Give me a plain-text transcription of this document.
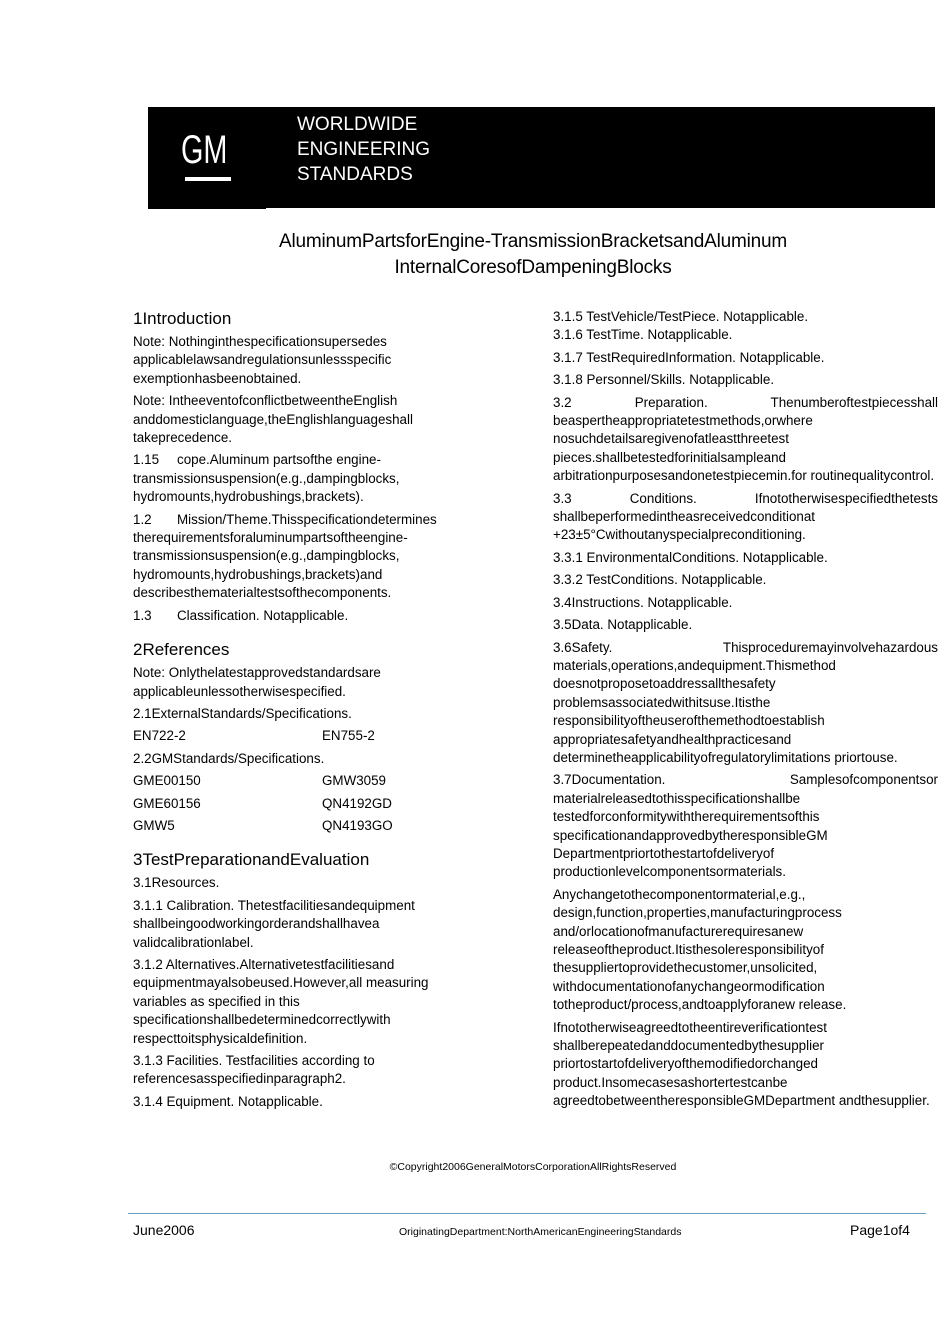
GM
WORLDWIDE
ENGINEERING
STANDARDS
AluminumPartsforEngine-TransmissionBracketsandAluminum
InternalCoresofDampeningBlocks
1Introduction
Note: Nothinginthespecificationsupersedes applicablelawsandregulationsunlessspecific exemptionhasbeenobtained.
Note: IntheeventofconflictbetweentheEnglish anddomesticlanguage,theEnglishlanguageshall takeprecedence.
1.15 cope.Aluminum partsofthe engine-transmissionsuspension(e.g.,dampingblocks, hydromounts,hydrobushings,brackets).
1.2 Mission/Theme.Thisspecificationdetermines therequirementsforaluminumpartsoftheengine-transmissionsuspension(e.g.,dampingblocks, hydromounts,hydrobushings,brackets)and describesthematerialtestsofthecomponents.
1.3 Classification. Notapplicable.
2References
Note: Onlythelatestapprovedstandardsare applicableunlessotherwisespecified.
2.1ExternalStandards/Specifications.
EN722-2	EN755-2
2.2GMStandards/Specifications.
GME00150	GMW3059
GME60156	QN4192GD
GMW5	QN4193GO
3TestPreparationandEvaluation
3.1Resources.
3.1.1 Calibration. Thetestfacilitiesandequipment shallbeingoodworkingorderandshallhavea validcalibrationlabel.
3.1.2 Alternatives.Alternativetestfacilitiesand equipmentmayalsobeused.However,all measuring variables as specified in this specificationshallbedeterminedcorrectlywith respecttoitsphysicaldefinition.
3.1.3 Facilities. Testfacilities according to referencesasspecifiedinparagraph2.
3.1.4 Equipment. Notapplicable.
3.1.5 TestVehicle/TestPiece. Notapplicable.
3.1.6 TestTime. Notapplicable.
3.1.7 TestRequiredInformation. Notapplicable.
3.1.8 Personnel/Skills. Notapplicable.
3.2 Preparation. Thenumberoftestpiecesshall
beaspertheappropriatetestmethods,orwhere nosuchdetailsaregivenofatleastthreetest pieces.shallbetestedforinitialsampleand arbitrationpurposesandonetestpiecemin.for routinequalitycontrol.
3.3 Conditions. Ifnototherwisespecifiedthetests
shallbeperformedintheasreceivedconditionat +23±5°Cwithoutanyspecialpreconditioning.
3.3.1 EnvironmentalConditions. Notapplicable.
3.3.2 TestConditions. Notapplicable.
3.4Instructions. Notapplicable.
3.5Data. Notapplicable.
3.6Safety. Thisproceduremayinvolvehazardous
materials,operations,andequipment.Thismethod doesnotproposetoaddressallthesafety problemsassociatedwithitsuse.Itisthe responsibilityoftheuserofthemethodtoestablish appropriatesafetyandhealthpracticesand determinetheapplicabilityofregulatorylimitations priortouse.
3.7Documentation. Samplesofcomponentsor
materialreleasedtothisspecificationshallbe testedforconformitywiththerequirementsofthis specificationandapprovedbytheresponsibleGM Departmentpriortothestartofdeliveryof productionlevelcomponentsormaterials.
Anychangetothecomponentormaterial,e.g., design,function,properties,manufacturingprocess and/orlocationofmanufacturerequiresanew releaseoftheproduct.Itisthesoleresponsibilityof thesuppliertoprovidethecustomer,unsolicited, withdocumentationofanychangeormodification totheproduct/process,andtoapplyforanew release.
Ifnototherwiseagreedtotheentireverificationtest shallberepeatedanddocumentedbythesupplier priortostartofdeliveryofthemodifiedorchanged product.Insomecasesashortertestcanbe agreedtobetweentheresponsibleGMDepartment andthesupplier.
©Copyright2006GeneralMotorsCorporationAllRightsReserved
June2006	OriginatingDepartment:NorthAmericanEngineeringStandards	Page1of4
